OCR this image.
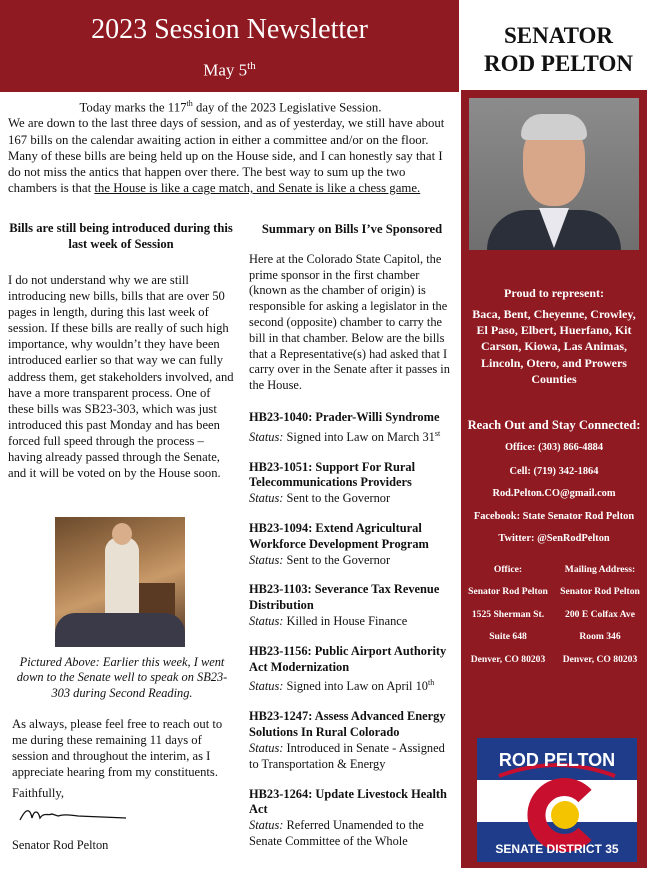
2023 Session Newsletter
May 5th
SENATOR
ROD PELTON
Today marks the 117th day of the 2023 Legislative Session.
We are down to the last three days of session, and as of yesterday, we still have about 167 bills on the calendar awaiting action in either a committee and/or on the floor. Many of these bills are being held up on the House side, and I can honestly say that I do not miss the antics that happen over there. The best way to sum up the two chambers is that the House is like a cage match, and Senate is like a chess game.
Bills are still being introduced during this last week of Session

I do not understand why we are still introducing new bills, bills that are over 50 pages in length, during this last week of session. If these bills are really of such high importance, why wouldn’t they have been introduced earlier so that way we can fully address them, get stakeholders involved, and have a more transparent process. One of these bills was SB23-303, which was just introduced this past Monday and has been forced full speed through the process – having already passed through the Senate, and it will be voted on by the House soon.

Pictured Above: Earlier this week, I went down to the Senate well to speak on SB23-303 during Second Reading.
As always, please feel free to reach out to me during these remaining 11 days of session and throughout the interim, as I appreciate hearing from my constituents.
Faithfully,
Senator Rod Pelton
Summary on Bills I’ve Sponsored

Here at the Colorado State Capitol, the prime sponsor in the first chamber (known as the chamber of origin) is responsible for asking a legislator in the second (opposite) chamber to carry the bill in that chamber. Below are the bills that a Representative(s) had asked that I carry over in the Senate after it passes in the House.

HB23-1040: Prader-Willi Syndrome
Status: Signed into Law on March 31st
HB23-1051: Support For Rural Telecommunications Providers
Status: Sent to the Governor
HB23-1094: Extend Agricultural Workforce Development Program
Status: Sent to the Governor
HB23-1103: Severance Tax Revenue Distribution
Status: Killed in House Finance
HB23-1156: Public Airport Authority Act Modernization
Status: Signed into Law on April 10th
HB23-1247: Assess Advanced Energy Solutions In Rural Colorado
Status: Introduced in Senate - Assigned to Transportation & Energy
HB23-1264: Update Livestock Health Act
Status: Referred Unamended to the Senate Committee of the Whole
Proud to represent:
Baca, Bent, Cheyenne, Crowley, El Paso, Elbert, Huerfano, Kit Carson, Kiowa, Las Animas, Lincoln, Otero, and Prowers Counties
Reach Out and Stay Connected:
Office: (303) 866-4884
Cell: (719) 342-1864
Rod.Pelton.CO@gmail.com
Facebook: State Senator Rod Pelton
Twitter: @SenRodPelton
Office:
Senator Rod Pelton
1525 Sherman St.
Suite 648
Denver, CO 80203
Mailing Address:
Senator Rod Pelton
200 E Colfax Ave
Room 346
Denver, CO 80203
ROD PELTON
SENATE DISTRICT 35
